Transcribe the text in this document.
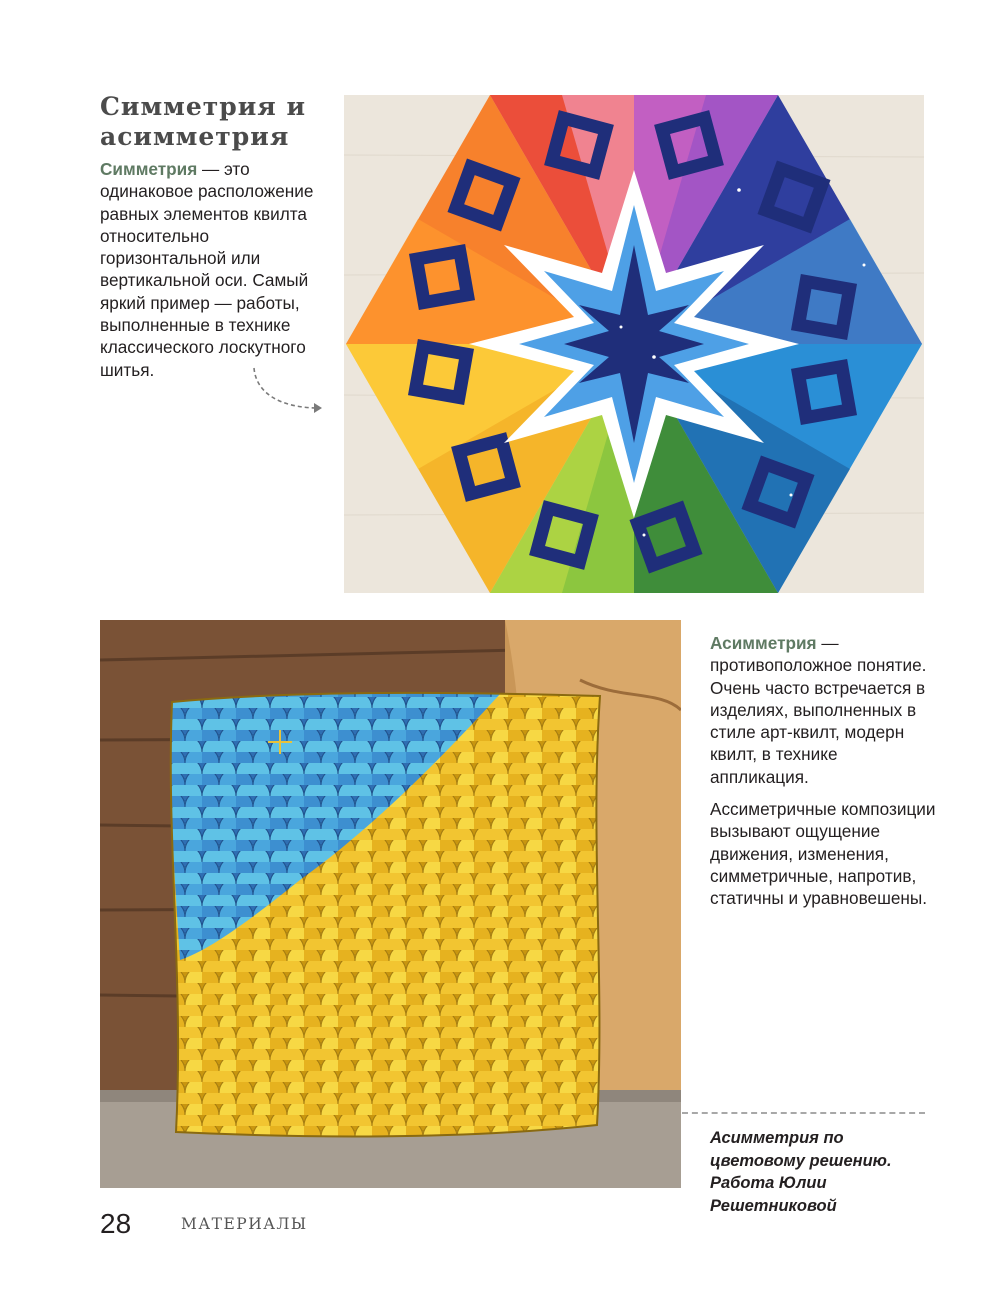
Симметрия и асимметрия
Симметрия — это одинаковое расположение равных элементов квилта относительно горизонтальной или вертикальной оси. Самый яркий пример — работы, выполненные в технике классического лоскутного шитья.
Асимметрия — противоположное понятие. Очень часто встречается в изделиях, выполненных в стиле арт-квилт, модерн квилт, в технике аппликация.
Ассиметричные композиции вызывают ощущение движения, изменения, симметричные, напротив, статичны и уравновешены.
Асимметрия по цветовому решению. Работа Юлии Решетниковой
28	МАТЕРИАЛЫ
